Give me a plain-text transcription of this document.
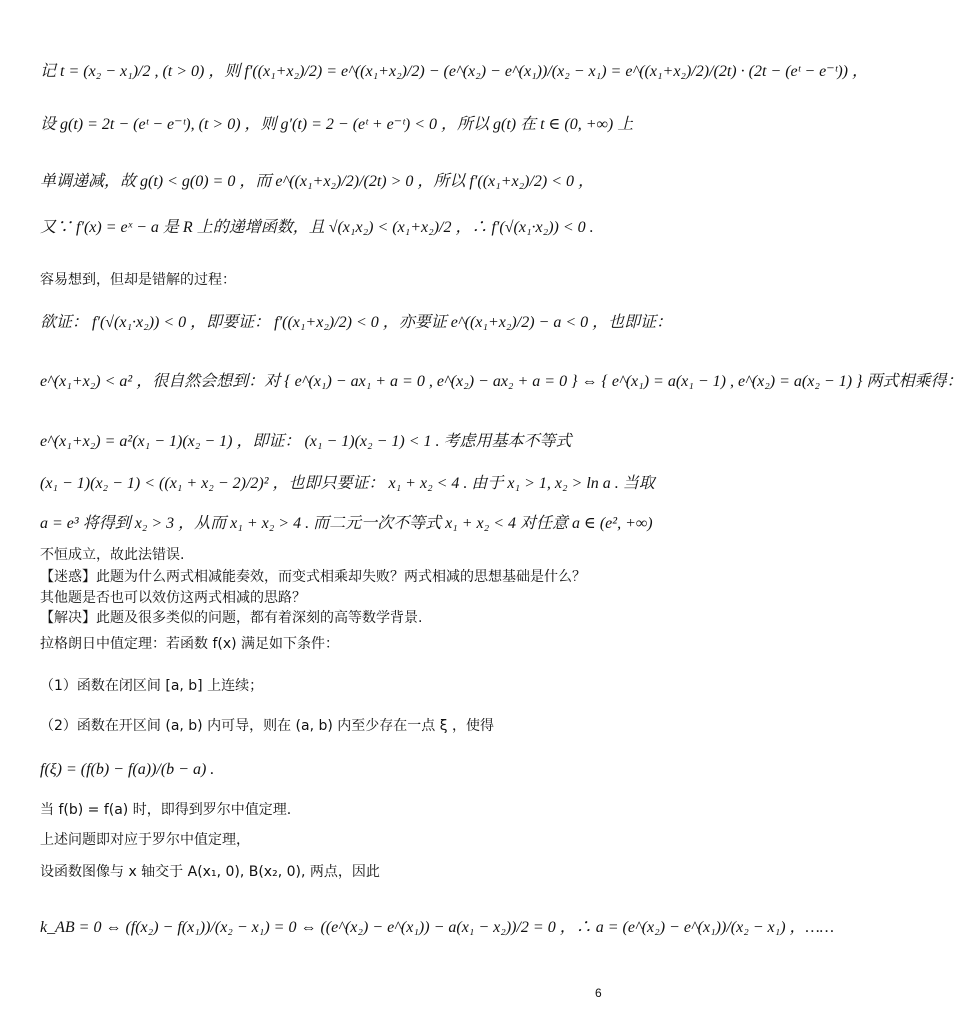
记 t = (x₂ − x₁)/2 , (t > 0) ，则 f′((x₁+x₂)/2) = e^((x₁+x₂)/2) − (e^(x₂) − e^(x₁))/(x₂ − x₁) = e^((x₁+x₂)/2)/(2t) · (2t − (eᵗ − e⁻ᵗ)) ，
设 g(t) = 2t − (eᵗ − e⁻ᵗ), (t > 0) ，则 g′(t) = 2 − (eᵗ + e⁻ᵗ) < 0 ，所以 g(t) 在 t ∈ (0, +∞) 上
单调递减，故 g(t) < g(0) = 0 ，而 e^((x₁+x₂)/2)/(2t) > 0 ，所以 f′((x₁+x₂)/2) < 0 ，
又∵ f′(x) = eˣ − a 是 R 上的递增函数，且 √(x₁x₂) < (x₁+x₂)/2 ，∴ f′(√(x₁·x₂)) < 0 .
容易想到，但却是错解的过程：
欲证： f′(√(x₁·x₂)) < 0 ，即要证： f′((x₁+x₂)/2) < 0 ，亦要证 e^((x₁+x₂)/2) − a < 0 ，也即证：
e^(x₁+x₂) < a² ，很自然会想到：对 { e^(x₁) − ax₁ + a = 0 , e^(x₂) − ax₂ + a = 0 } ⇔ { e^(x₁) = a(x₁ − 1) , e^(x₂) = a(x₂ − 1) } 两式相乘得：
e^(x₁+x₂) = a²(x₁ − 1)(x₂ − 1) ，即证： (x₁ − 1)(x₂ − 1) < 1 . 考虑用基本不等式
(x₁ − 1)(x₂ − 1) < ((x₁ + x₂ − 2)/2)² ，也即只要证： x₁ + x₂ < 4 . 由于 x₁ > 1, x₂ > ln a . 当取
a = e³ 将得到 x₂ > 3 ，从而 x₁ + x₂ > 4 . 而二元一次不等式 x₁ + x₂ < 4 对任意 a ∈ (e², +∞)
不恒成立，故此法错误.
【迷惑】此题为什么两式相减能奏效，而变式相乘却失败？两式相减的思想基础是什么？
其他题是否也可以效仿这两式相减的思路？
【解决】此题及很多类似的问题，都有着深刻的高等数学背景.
拉格朗日中值定理：若函数 f(x) 满足如下条件：
（1）函数在闭区间 [a, b] 上连续；
（2）函数在开区间 (a, b) 内可导，则在 (a, b) 内至少存在一点 ξ ，使得
f(ξ) = (f(b) − f(a))/(b − a) .
当 f(b) = f(a) 时，即得到罗尔中值定理.
上述问题即对应于罗尔中值定理，
设函数图像与 x 轴交于 A(x₁, 0), B(x₂, 0), 两点，因此
k_AB = 0 ⇔ (f(x₂) − f(x₁))/(x₂ − x₁) = 0 ⇔ ((e^(x₂) − e^(x₁)) − a(x₁ − x₂))/2 = 0 ，∴ a = (e^(x₂) − e^(x₁))/(x₂ − x₁) ，……
6
